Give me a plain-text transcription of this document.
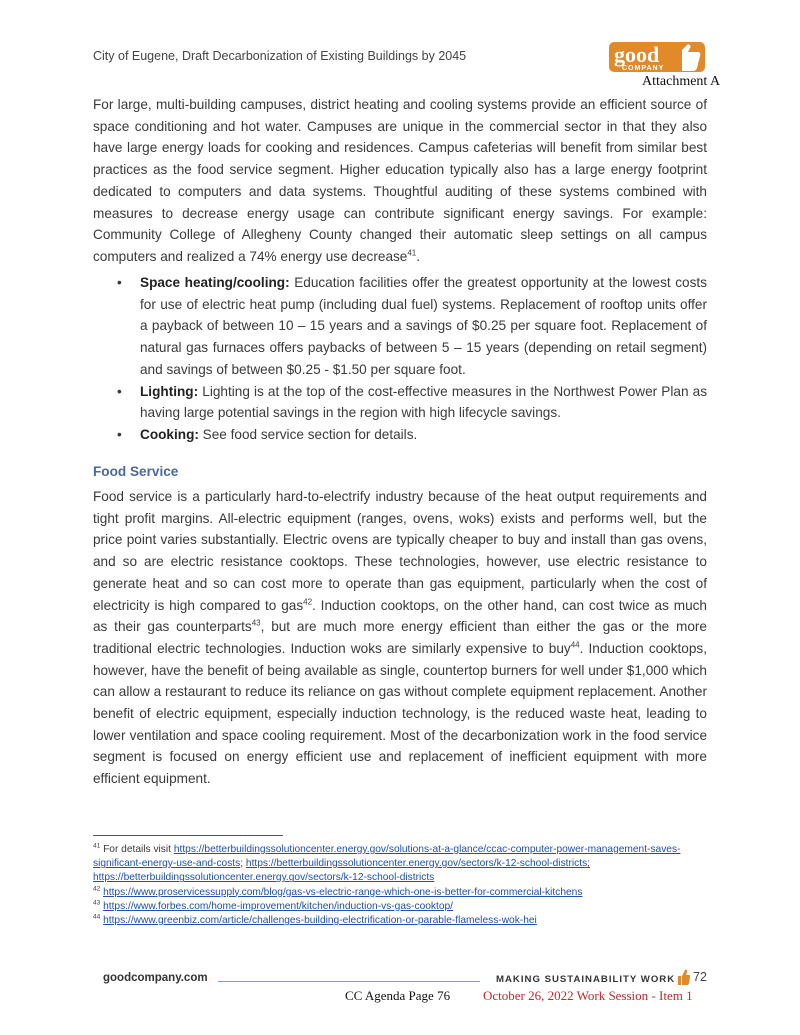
City of Eugene, Draft Decarbonization of Existing Buildings by 2045	good
COMPANY
Attachment A
For large, multi-building campuses, district heating and cooling systems provide an efficient source of space conditioning and hot water. Campuses are unique in the commercial sector in that they also have large energy loads for cooking and residences. Campus cafeterias will benefit from similar best practices as the food service segment. Higher education typically also has a large energy footprint dedicated to computers and data systems. Thoughtful auditing of these systems combined with measures to decrease energy usage can contribute significant energy savings. For example: Community College of Allegheny County changed their automatic sleep settings on all campus computers and realized a 74% energy use decrease$^{41}$.
• Space heating/cooling: Education facilities offer the greatest opportunity at the lowest costs for use of electric heat pump (including dual fuel) systems. Replacement of rooftop units offer a payback of between 10 – 15 years and a savings of $0.25 per square foot. Replacement of natural gas furnaces offers paybacks of between 5 – 15 years (depending on retail segment) and savings of between $0.25 - $1.50 per square foot.
• Lighting: Lighting is at the top of the cost-effective measures in the Northwest Power Plan as having large potential savings in the region with high lifecycle savings.
• Cooking: See food service section for details.
Food Service
Food service is a particularly hard-to-electrify industry because of the heat output requirements and tight profit margins. All-electric equipment (ranges, ovens, woks) exists and performs well, but the price point varies substantially. Electric ovens are typically cheaper to buy and install than gas ovens, and so are electric resistance cooktops. These technologies, however, use electric resistance to generate heat and so can cost more to operate than gas equipment, particularly when the cost of electricity is high compared to gas$^{42}$. Induction cooktops, on the other hand, can cost twice as much as their gas counterparts$^{43}$, but are much more energy efficient than either the gas or the more traditional electric technologies. Induction woks are similarly expensive to buy$^{44}$. Induction cooktops, however, have the benefit of being available as single, countertop burners for well under $1,000 which can allow a restaurant to reduce its reliance on gas without complete equipment replacement. Another benefit of electric equipment, especially induction technology, is the reduced waste heat, leading to lower ventilation and space cooling requirement. Most of the decarbonization work in the food service segment is focused on energy efficient use and replacement of inefficient equipment with more efficient equipment.

$^{41}$ For details visit https://betterbuildingssolutioncenter.energy.gov/solutions-at-a-glance/ccac-computer-power-management-saves-significant-energy-use-and-costs; https://betterbuildingssolutioncenter.energy.gov/sectors/k-12-school-districts; https://betterbuildingssolutioncenter.energy.gov/sectors/k-12-school-districts

$^{42}$ https://www.proservicessupply.com/blog/gas-vs-electric-range-which-one-is-better-for-commercial-kitchens

$^{43}$ https://www.forbes.com/home-improvement/kitchen/induction-vs-gas-cooktop/

$^{44}$ https://www.greenbiz.com/article/challenges-building-electrification-or-parable-flameless-wok-hei

goodcompany.com	MAKING SUSTAINABILITY WORK 72
CC Agenda Page 76	October 26, 2022 Work Session - Item 1
